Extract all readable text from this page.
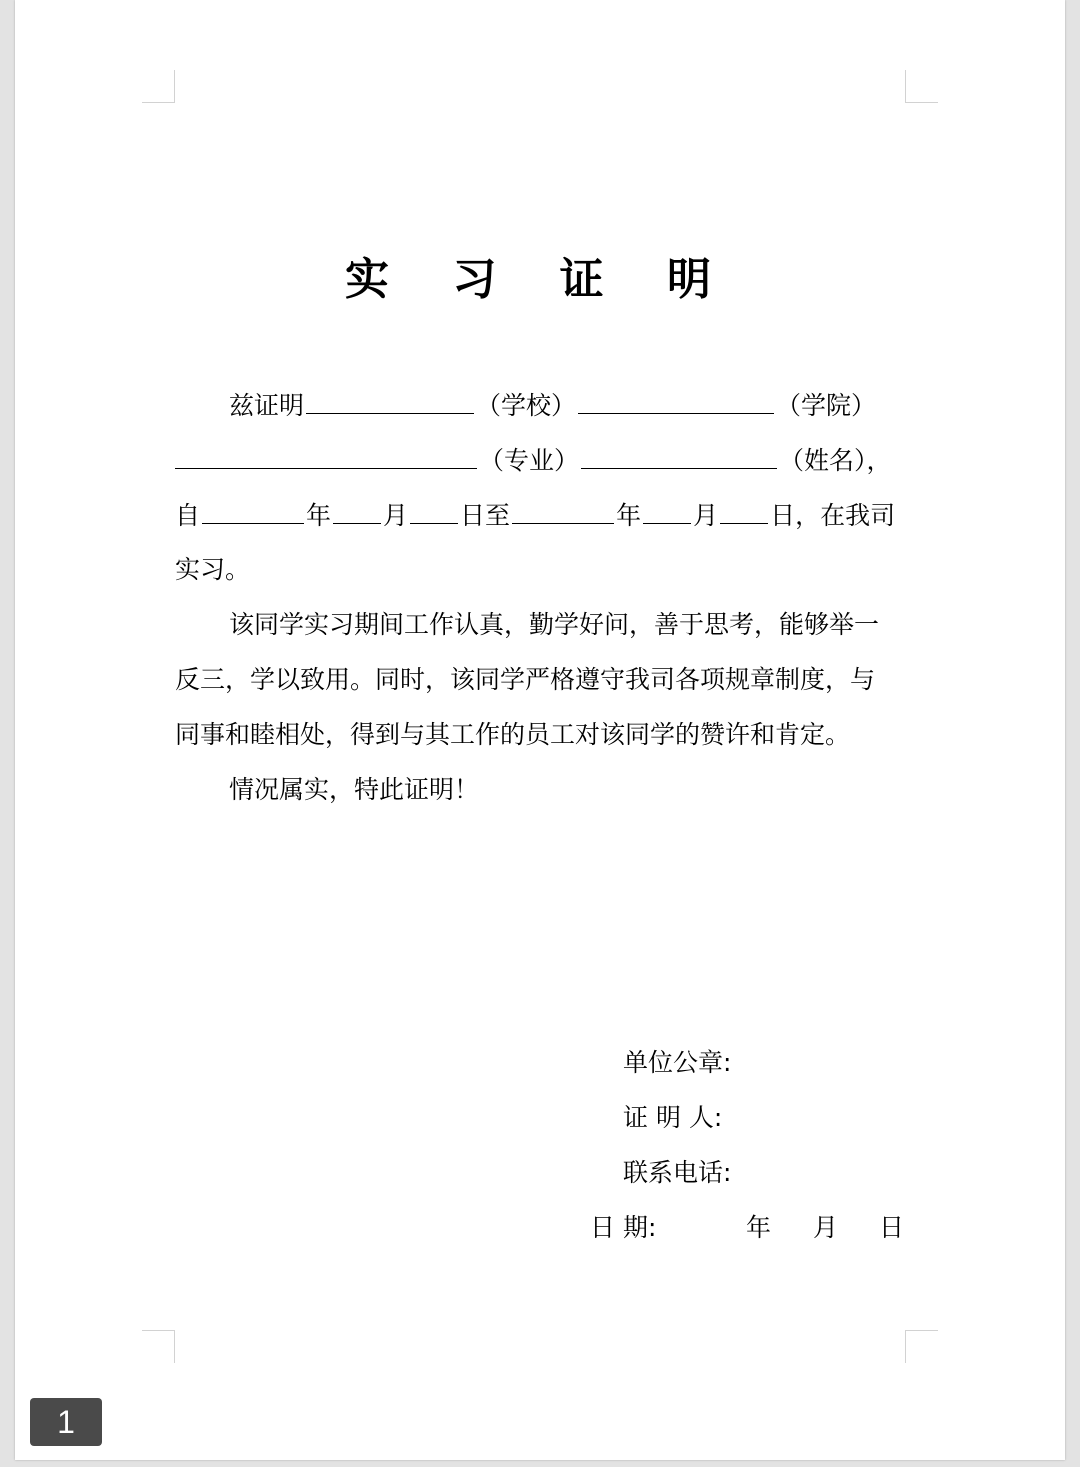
实 习 证 明
兹证明	（学校）	（学院）
（专业）	（姓名），
自	年 月 日至	年 月 日，在我司
实习。
该同学实习期间工作认真，勤学好问，善于思考，能够举一
反三，学以致用。同时，该同学严格遵守我司各项规章制度，与
同事和睦相处，得到与其工作的员工对该同学的赞许和肯定。
情况属实，特此证明！
单位公章:
证 明 人:
联系电话:
日 期:	年 月 日
1
